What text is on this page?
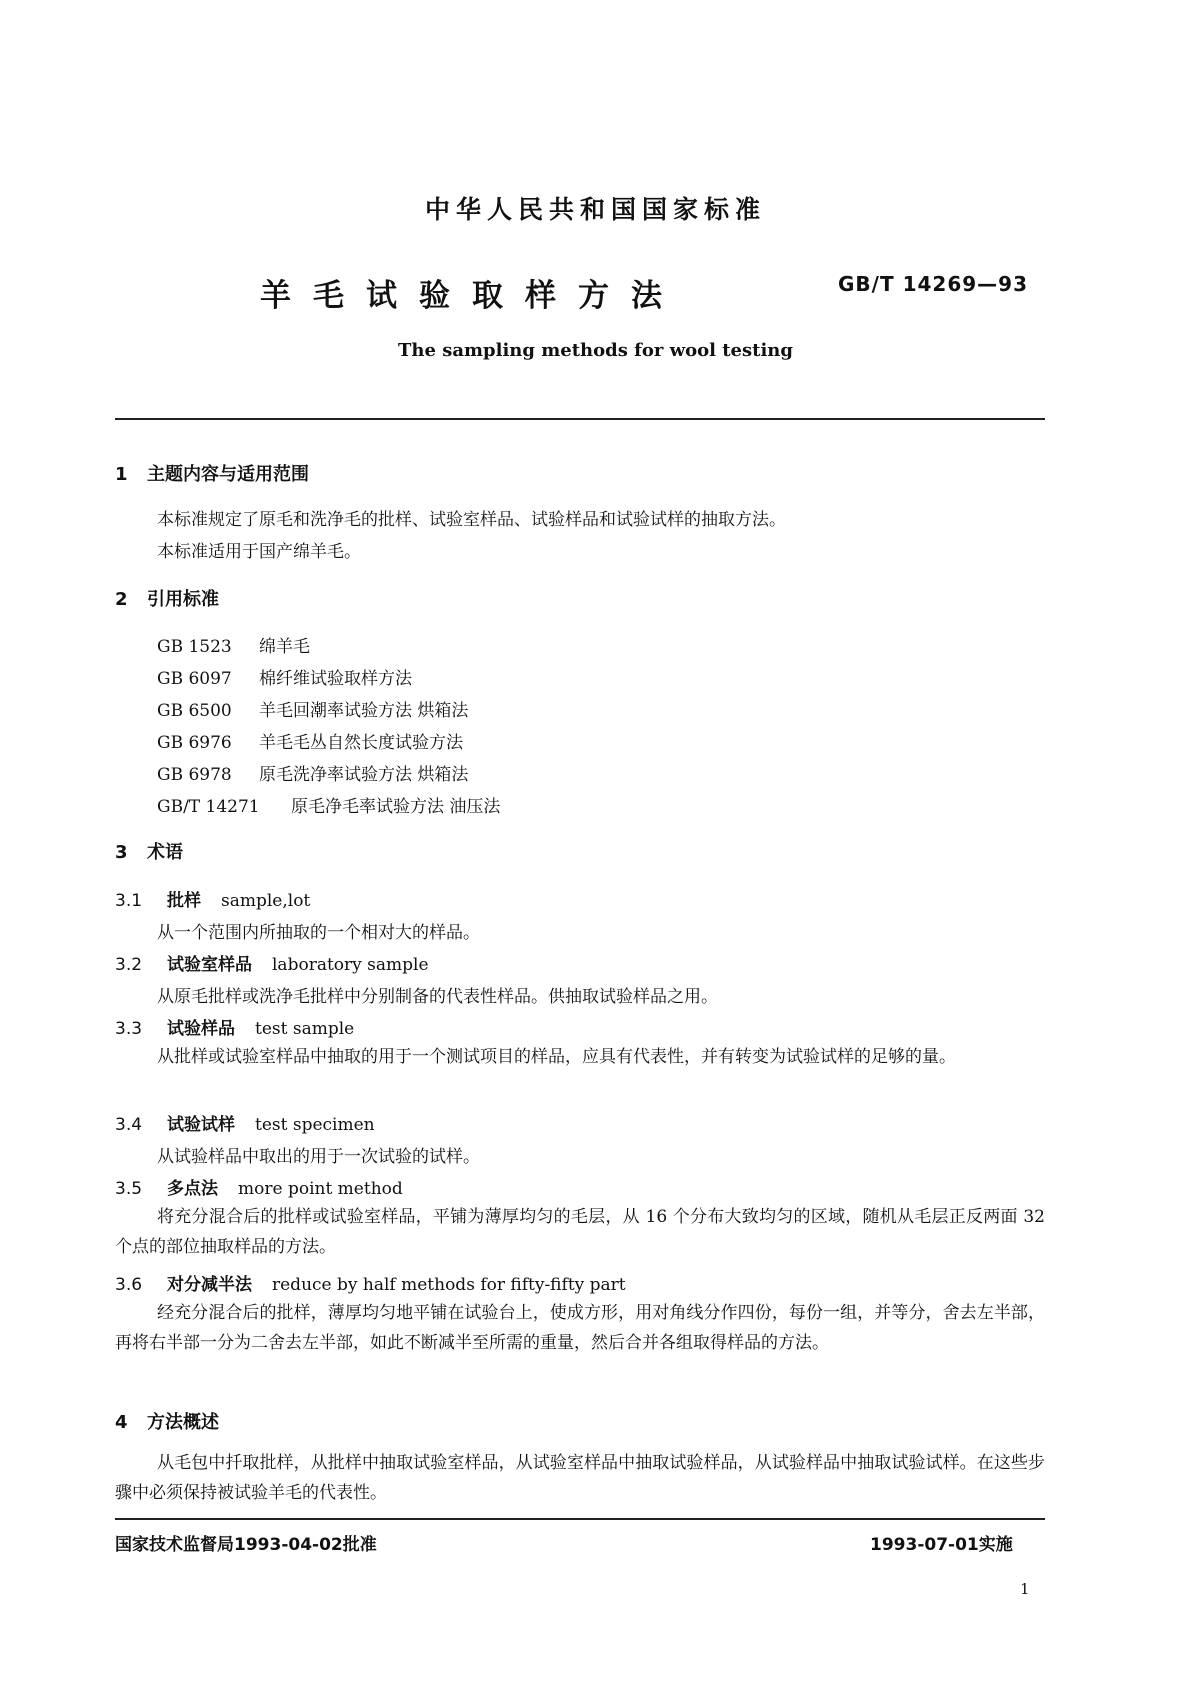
中华人民共和国国家标准
羊毛试验取样方法	GB/T 14269—93
The sampling methods for wool testing
1 主题内容与适用范围
本标准规定了原毛和洗净毛的批样、试验室样品、试验样品和试验试样的抽取方法。
本标准适用于国产绵羊毛。
2 引用标准
GB 1523 绵羊毛
GB 6097 棉纤维试验取样方法
GB 6500 羊毛回潮率试验方法 烘箱法
GB 6976 羊毛毛丛自然长度试验方法
GB 6978 原毛洗净率试验方法 烘箱法
GB/T 14271 原毛净毛率试验方法 油压法
3 术语
3.1 批样 sample,lot
从一个范围内所抽取的一个相对大的样品。
3.2 试验室样品 laboratory sample
从原毛批样或洗净毛批样中分别制备的代表性样品。供抽取试验样品之用。
3.3 试验样品 test sample
从批样或试验室样品中抽取的用于一个测试项目的样品，应具有代表性，并有转变为试验试样的足够的量。
3.4 试验试样 test specimen
从试验样品中取出的用于一次试验的试样。
3.5 多点法 more point method
将充分混合后的批样或试验室样品，平铺为薄厚均匀的毛层，从 16 个分布大致均匀的区域，随机从毛层正反两面 32 个点的部位抽取样品的方法。
3.6 对分减半法 reduce by half methods for fifty-fifty part
经充分混合后的批样，薄厚均匀地平铺在试验台上，使成方形，用对角线分作四份，每份一组，并等分，舍去左半部，再将右半部一分为二舍去左半部，如此不断减半至所需的重量，然后合并各组取得样品的方法。
4 方法概述
从毛包中扦取批样，从批样中抽取试验室样品，从试验室样品中抽取试验样品，从试验样品中抽取试验试样。在这些步骤中必须保持被试验羊毛的代表性。
国家技术监督局1993-04-02批准	1993-07-01实施
1
